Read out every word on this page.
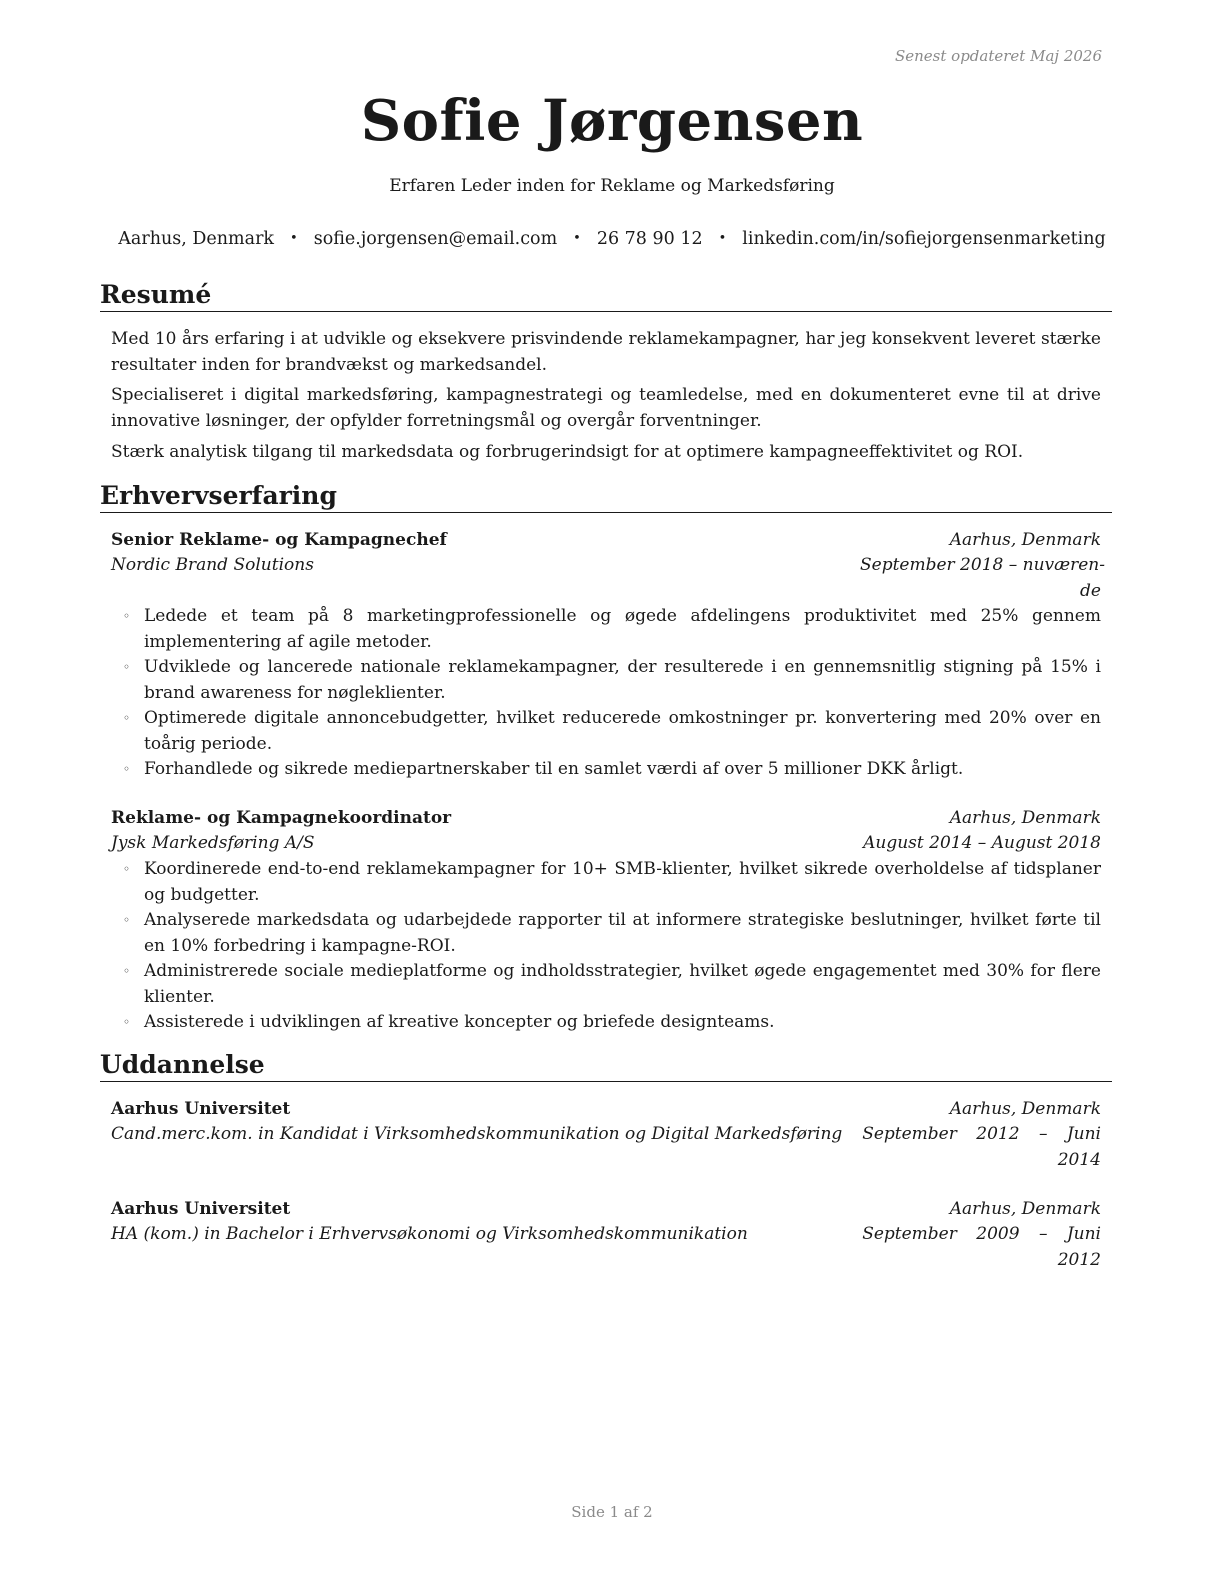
Senest opdateret Maj 2026
Sofie Jørgensen
Erfaren Leder inden for Reklame og Markedsføring
Aarhus, Denmark • sofie.jorgensen@email.com • 26 78 90 12 • linkedin.com/in/sofiejorgensenmarketing
Resumé
Med 10 års erfaring i at udvikle og eksekvere prisvindende reklamekampagner, har jeg konsekvent leveret stærke resultater inden for brandvækst og markedsandel.
Specialiseret i digital markedsføring, kampagnestrategi og teamledelse, med en dokumenteret evne til at drive innovative løsninger, der opfylder forretningsmål og overgår forventninger.
Stærk analytisk tilgang til markedsdata og forbrugerindsigt for at optimere kampagneeffektivitet og ROI.
Erhvervserfaring
Senior Reklame- og Kampagnechef	Aarhus, Denmark
Nordic Brand Solutions	September 2018 – nuværen-
de
◦ Ledede et team på 8 marketingprofessionelle og øgede afdelingens produktivitet med 25% gennem implementering af agile metoder.
◦ Udviklede og lancerede nationale reklamekampagner, der resulterede i en gennemsnitlig stigning på 15% i brand awareness for nøgleklienter.
◦ Optimerede digitale annoncebudgetter, hvilket reducerede omkostninger pr. konvertering med 20% over en toårig periode.
◦ Forhandlede og sikrede mediepartnerskaber til en samlet værdi af over 5 millioner DKK årligt.
Reklame- og Kampagnekoordinator	Aarhus, Denmark
Jysk Markedsføring A/S	August 2014 – August 2018
◦ Koordinerede end-to-end reklamekampagner for 10+ SMB-klienter, hvilket sikrede overholdelse af tidsplaner og budgetter.
◦ Analyserede markedsdata og udarbejdede rapporter til at informere strategiske beslutninger, hvilket førte til en 10% forbedring i kampagne-ROI.
◦ Administrerede sociale medieplatforme og indholdsstrategier, hvilket øgede engagementet med 30% for flere klienter.
◦ Assisterede i udviklingen af kreative koncepter og briefede designteams.
Uddannelse
Aarhus Universitet	Aarhus, Denmark
Cand.merc.kom. in Kandidat i Virksomhedskommunikation og Digital Markedsføring September 2012 – Juni
2014
Aarhus Universitet	Aarhus, Denmark
HA (kom.) in Bachelor i Erhvervsøkonomi og Virksomhedskommunikation	September 2009 – Juni
2012
Side 1 af 2
